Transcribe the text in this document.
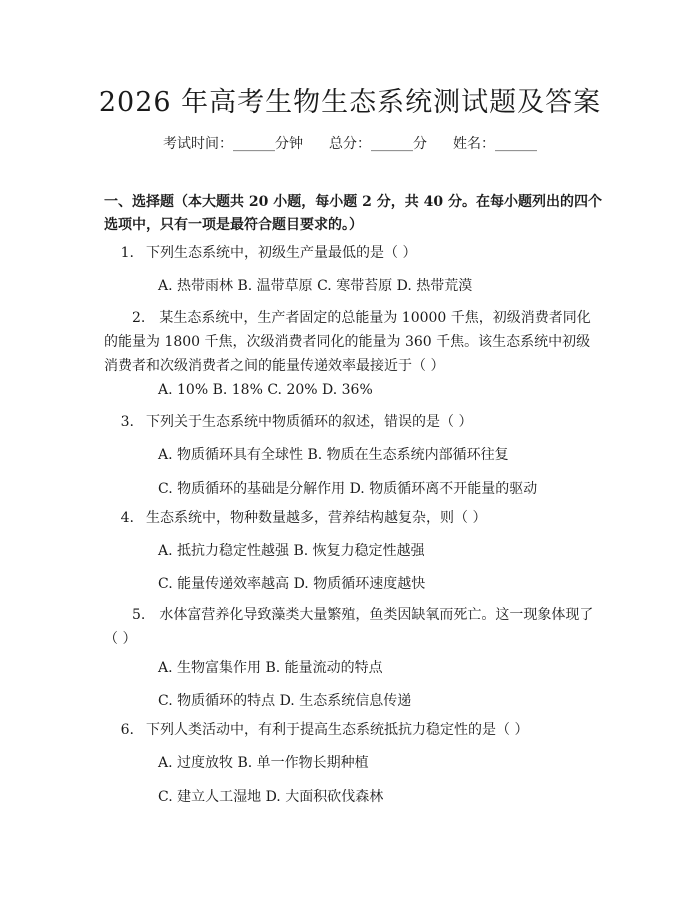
2026 年高考生物生态系统测试题及答案
考试时间：______分钟 总分：______分 姓名：______
一、选择题（本大题共 20 小题，每小题 2 分，共 40 分。在每小题列出的四个选项中，只有一项是最符合题目要求的。）
1. 下列生态系统中，初级生产量最低的是（ ）
A. 热带雨林 B. 温带草原 C. 寒带苔原 D. 热带荒漠
2.　某生态系统中，生产者固定的总能量为 10000 千焦，初级消费者同化的能量为 1800 千焦，次级消费者同化的能量为 360 千焦。该生态系统中初级消费者和次级消费者之间的能量传递效率最接近于（ ）
A. 10% B. 18% C. 20% D. 36%
3. 下列关于生态系统中物质循环的叙述，错误的是（ ）
A. 物质循环具有全球性 B. 物质在生态系统内部循环往复
C. 物质循环的基础是分解作用 D. 物质循环离不开能量的驱动
4. 生态系统中，物种数量越多，营养结构越复杂，则（ ）
A. 抵抗力稳定性越强 B. 恢复力稳定性越强
C. 能量传递效率越高 D. 物质循环速度越快
5.　水体富营养化导致藻类大量繁殖，鱼类因缺氧而死亡。这一现象体现了（ ）
A. 生物富集作用 B. 能量流动的特点
C. 物质循环的特点 D. 生态系统信息传递
6. 下列人类活动中，有利于提高生态系统抵抗力稳定性的是（ ）
A. 过度放牧 B. 单一作物长期种植
C. 建立人工湿地 D. 大面积砍伐森林
